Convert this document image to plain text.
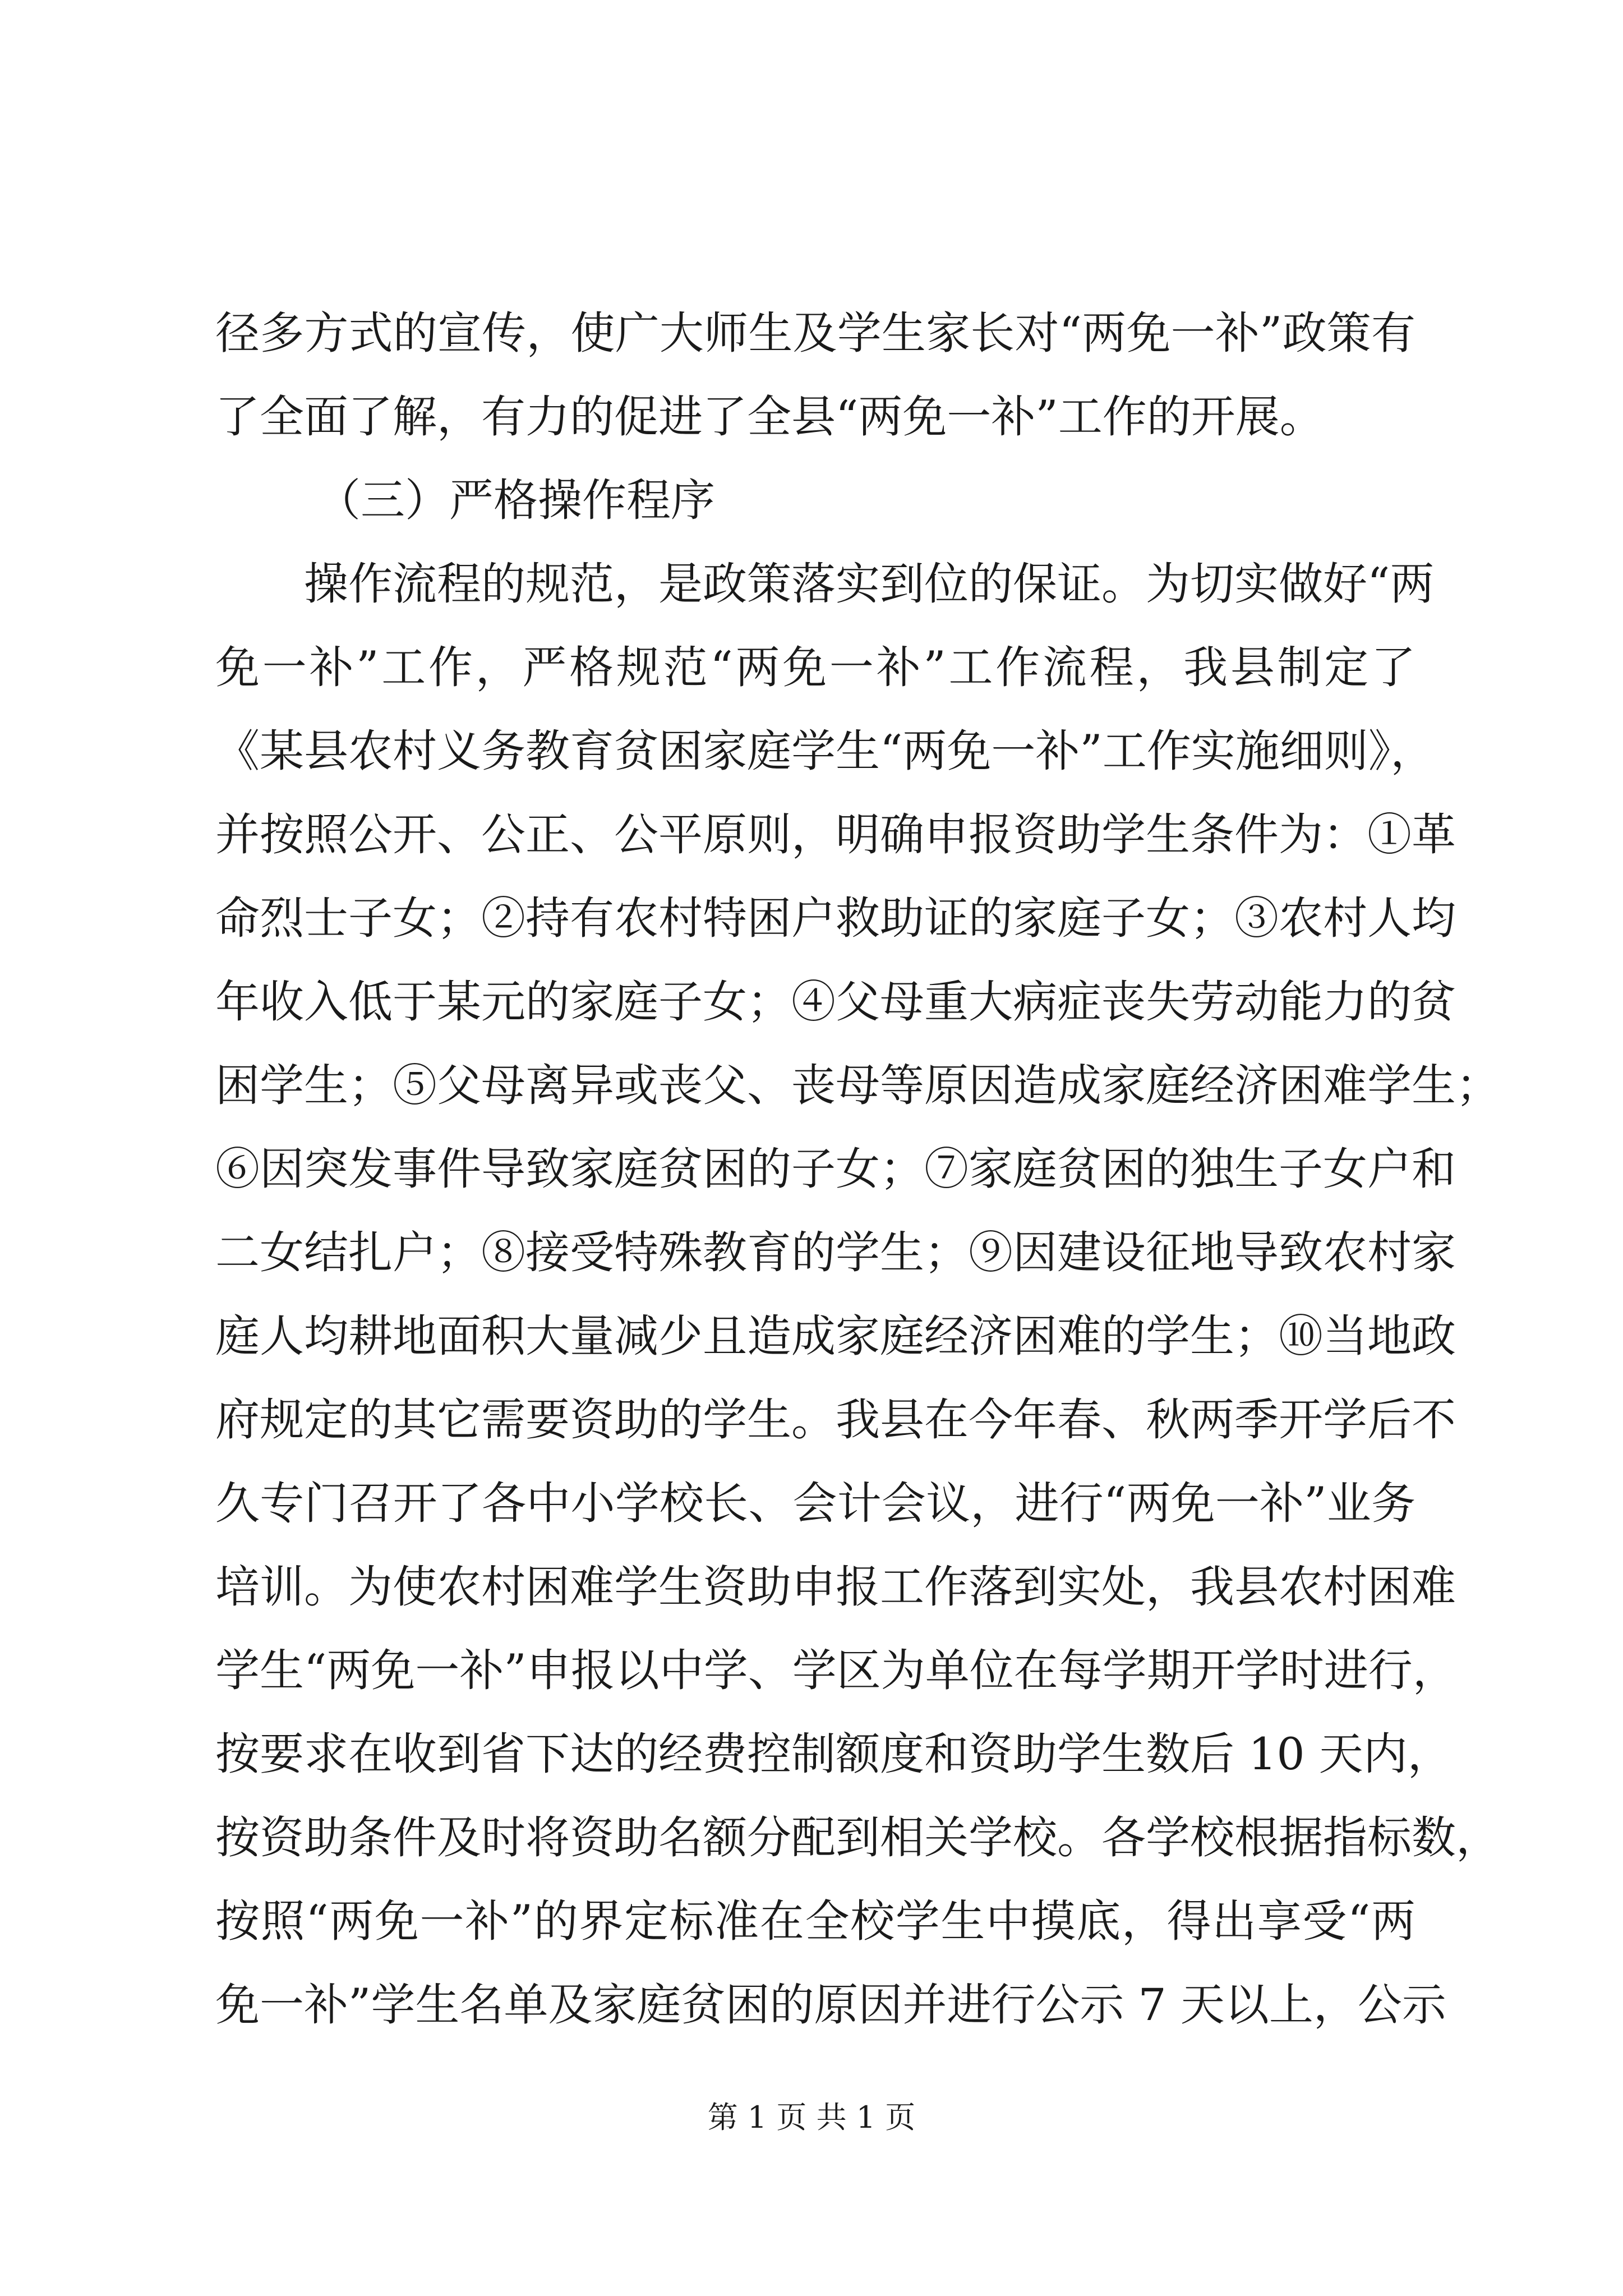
径多方式的宣传，使广大师生及学生家长对“两免一补”政策有
了全面了解，有力的促进了全县“两免一补”工作的开展。
（三）严格操作程序
操作流程的规范，是政策落实到位的保证。为切实做好“两
免一补”工作，严格规范“两免一补”工作流程，我县制定了
《某县农村义务教育贫困家庭学生“两免一补”工作实施细则》，
并按照公开、公正、公平原则，明确申报资助学生条件为：①革
命烈士子女；②持有农村特困户救助证的家庭子女；③农村人均
年收入低于某元的家庭子女；④父母重大病症丧失劳动能力的贫
困学生；⑤父母离异或丧父、丧母等原因造成家庭经济困难学生；
⑥因突发事件导致家庭贫困的子女；⑦家庭贫困的独生子女户和
二女结扎户；⑧接受特殊教育的学生；⑨因建设征地导致农村家
庭人均耕地面积大量减少且造成家庭经济困难的学生；⑩当地政
府规定的其它需要资助的学生。我县在今年春、秋两季开学后不
久专门召开了各中小学校长、会计会议，进行“两免一补”业务
培训。为使农村困难学生资助申报工作落到实处，我县农村困难
学生“两免一补”申报以中学、学区为单位在每学期开学时进行，
按要求在收到省下达的经费控制额度和资助学生数后 10 天内，
按资助条件及时将资助名额分配到相关学校。各学校根据指标数，
按照“两免一补”的界定标准在全校学生中摸底，得出享受“两
免一补”学生名单及家庭贫困的原因并进行公示 7 天以上，公示
第 1 页 共 1 页
